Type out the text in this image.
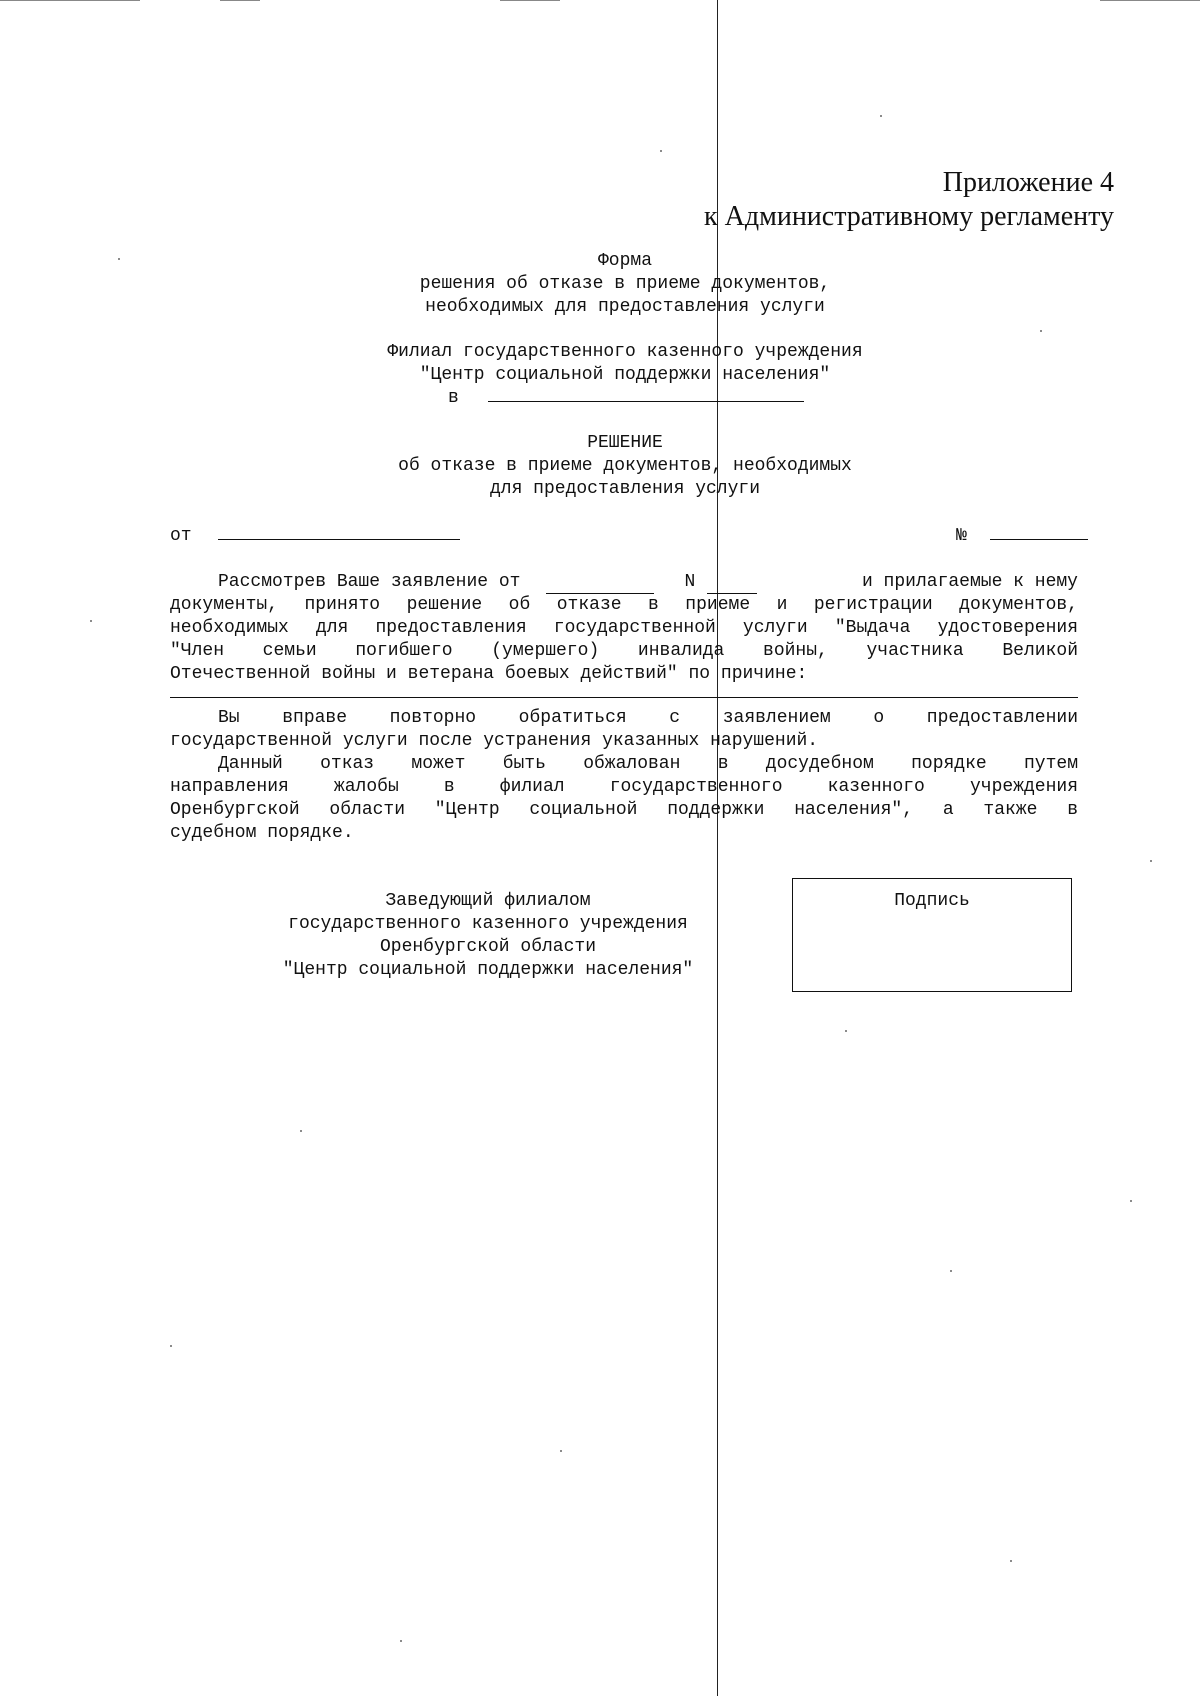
Приложение 4
к Административному регламенту
Форма
решения об отказе в приеме документов,
необходимых для предоставления услуги
Филиал государственного казенного учреждения
"Центр социальной поддержки населения"
в
РЕШЕНИЕ
об отказе в приеме документов, необходимых
для предоставления услуги
от	№
Рассмотрев Ваше заявление от	N	и прилагаемые к нему
документы, принято решение об отказе в приеме и регистрации документов,
необходимых для предоставления государственной услуги "Выдача удостоверения
"Член семьи погибшего (умершего) инвалида войны, участника Великой
Отечественной войны и ветерана боевых действий" по причине:
Вы вправе повторно обратиться с заявлением о предоставлении
государственной услуги после устранения указанных нарушений.
Данный отказ может быть обжалован в досудебном порядке путем
направления жалобы в филиал государственного казенного учреждения
Оренбургской области "Центр социальной поддержки населения", а также в
судебном порядке.
Заведующий филиалом
государственного казенного учреждения
Оренбургской области
"Центр социальной поддержки населения"
Подпись
